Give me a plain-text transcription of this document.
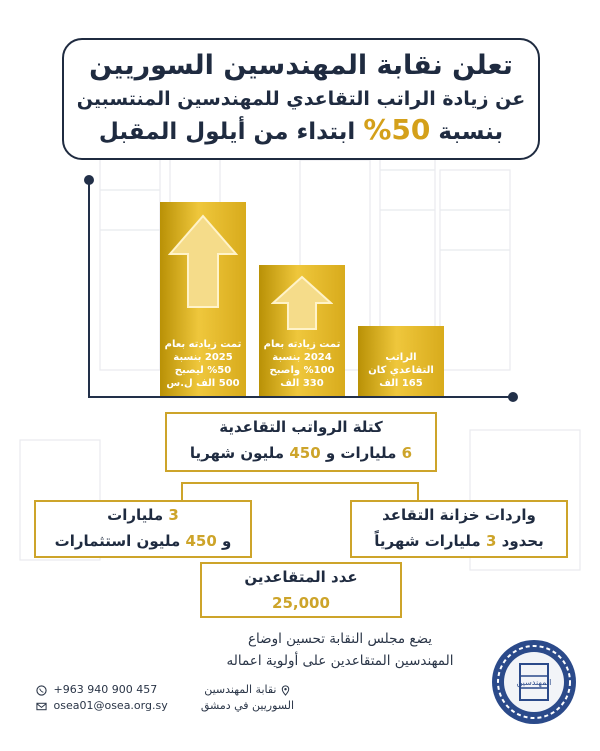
تعلن نقابة المهندسين السوريين
عن زيادة الراتب التقاعدي للمهندسين المنتسبين
بنسبة 50% ابتداء من أيلول المقبل
تمت زيادته بعام 2025 بنسبة 50% ليصبح 500 الف ل.س
تمت زيادته بعام 2024 بنسبة 100% واصبح 330 الف
الراتب التقاعدي كان 165 الف
كتلة الرواتب التقاعدية
6 مليارات و 450 مليون شهريا
3 مليارات
و 450 مليون استثمارات
واردات خزانة التقاعد
بحدود 3 مليارات شهرياً
عدد المتقاعدين
25,000
يضع مجلس النقابة تحسين اوضاع
المهندسين المتقاعدين على أولوية اعماله
+963 940 900 457
osea01@osea.org.sy
نقابة المهندسين
السوريين في دمشق
المهندسين
